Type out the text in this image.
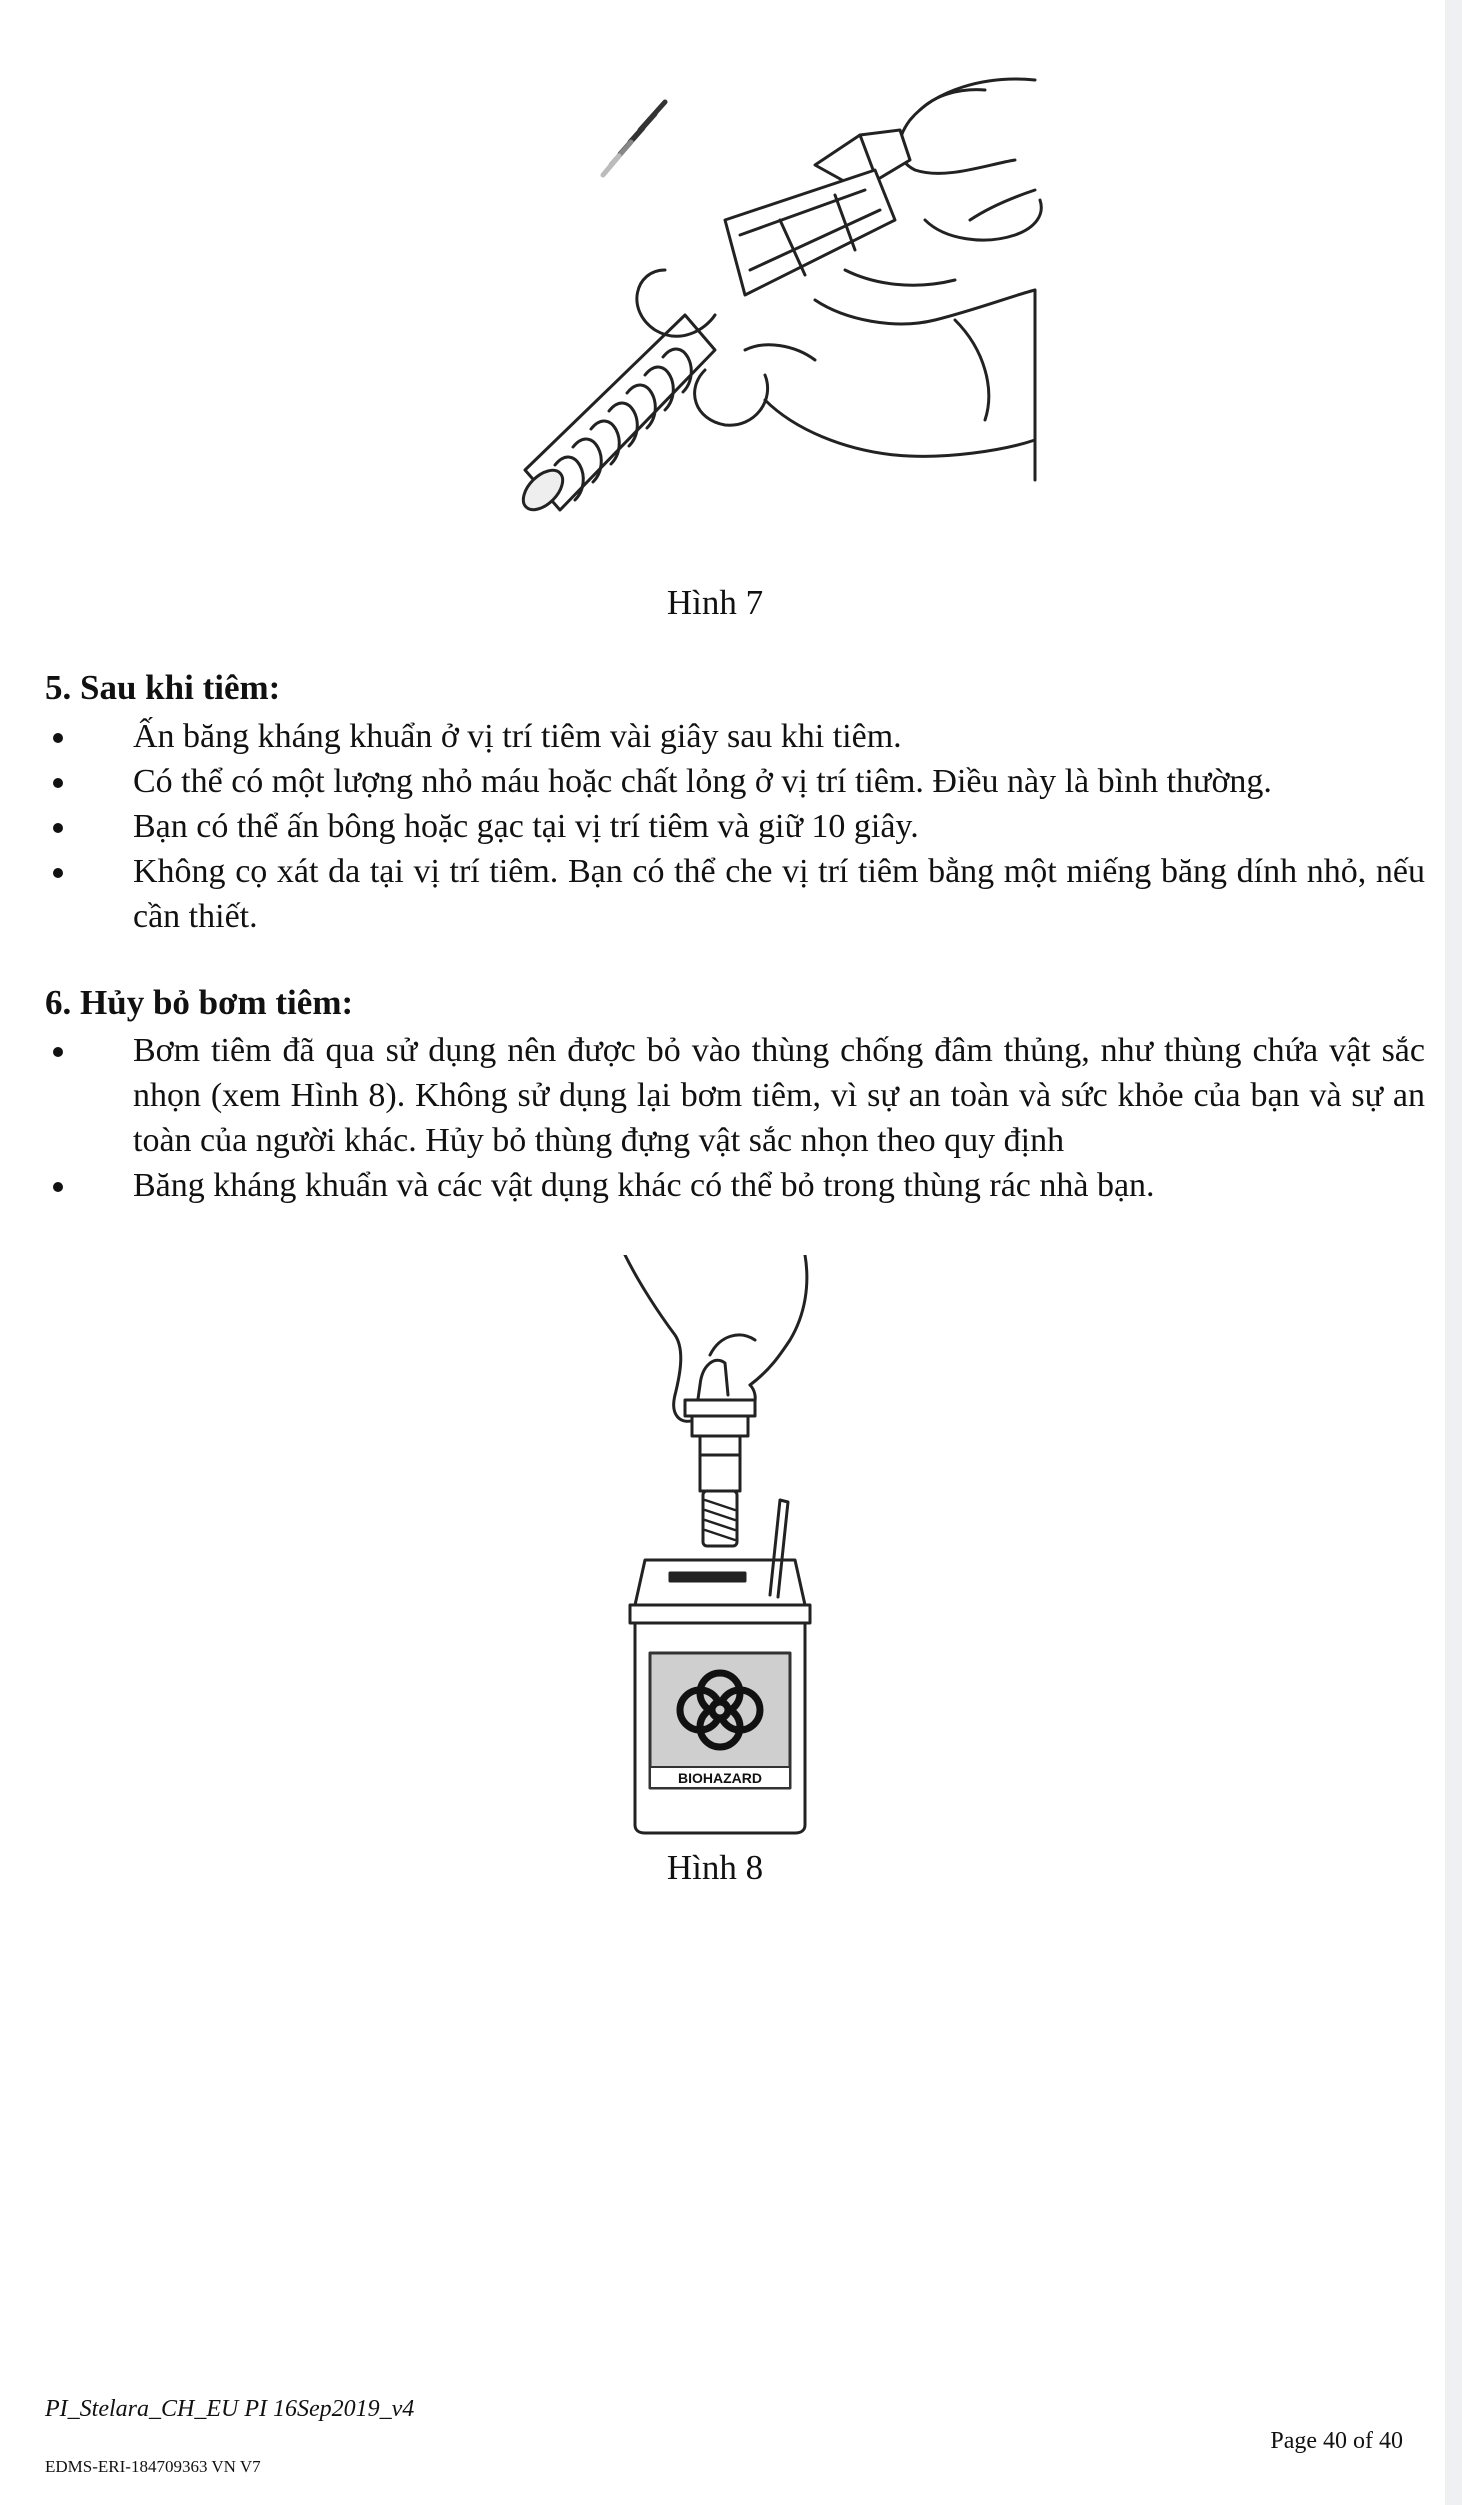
Hình 7
5. Sau khi tiêm:
Ấn băng kháng khuẩn ở vị trí tiêm vài giây sau khi tiêm.
Có thể có một lượng nhỏ máu hoặc chất lỏng ở vị trí tiêm. Điều này là bình thường.
Bạn có thể ấn bông hoặc gạc tại vị trí tiêm và giữ 10 giây.
Không cọ xát da tại vị trí tiêm. Bạn có thể che vị trí tiêm bằng một miếng băng dính nhỏ, nếu cần thiết.
6. Hủy bỏ bơm tiêm:
Bơm tiêm đã qua sử dụng nên được bỏ vào thùng chống đâm thủng, như thùng chứa vật sắc nhọn (xem Hình 8). Không sử dụng lại bơm tiêm, vì sự an toàn và sức khỏe của bạn và sự an toàn của người khác. Hủy bỏ thùng đựng vật sắc nhọn theo quy định
Băng kháng khuẩn và các vật dụng khác có thể bỏ trong thùng rác nhà bạn.
BIOHAZARD
Hình 8
PI_Stelara_CH_EU PI 16Sep2019_v4
Page 40 of 40
EDMS-ERI-184709363 VN V7
